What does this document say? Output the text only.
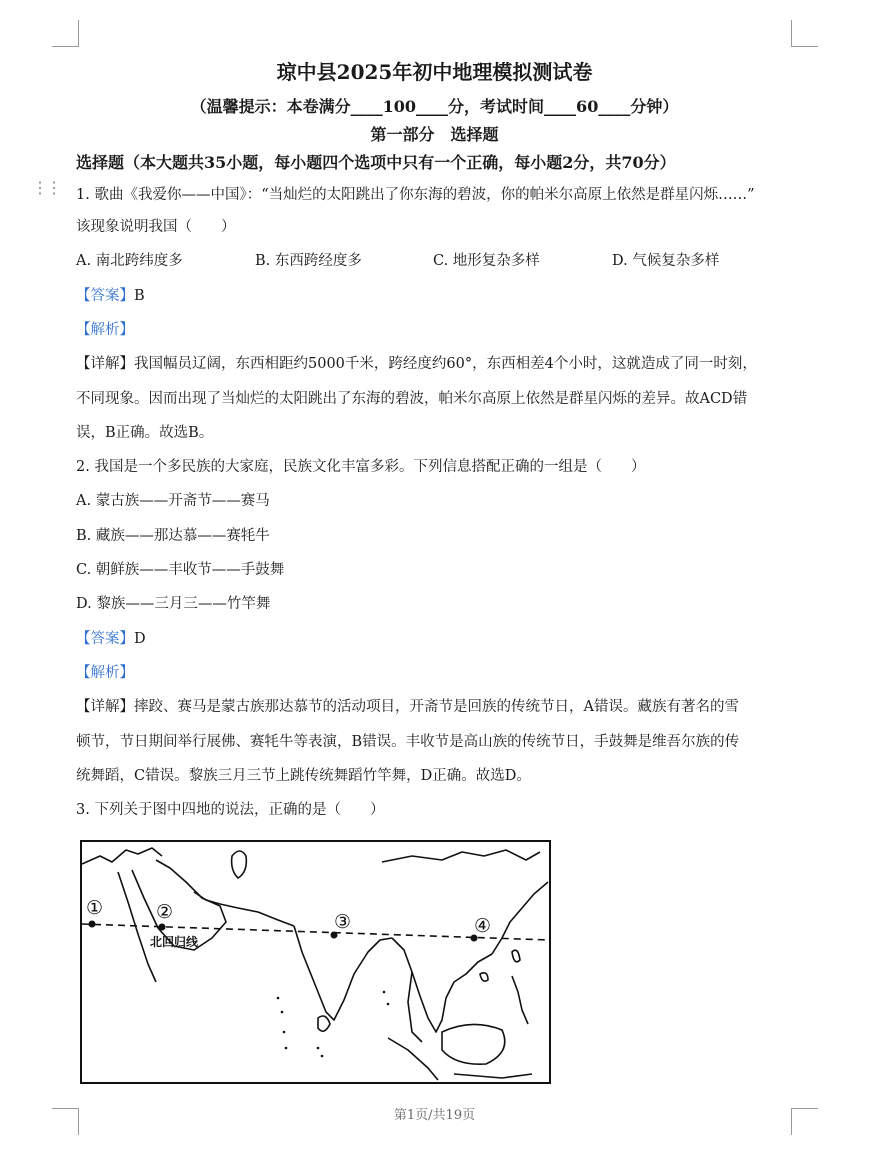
琼中县2025年初中地理模拟测试卷
（温馨提示：本卷满分____100____分，考试时间____60____分钟）
第一部分　选择题
选择题（本大题共35小题，每小题四个选项中只有一个正确，每小题2分，共70分）
⋮⋮ 1. 歌曲《我爱你——中国》：“当灿烂的太阳跳出了你东海的碧波，你的帕米尔高原上依然是群星闪烁……”
该现象说明我国（　　）
A. 南北跨纬度多	B. 东西跨经度多	C. 地形复杂多样	D. 气候复杂多样
【答案】B
【解析】
【详解】我国幅员辽阔，东西相距约5000千米，跨经度约60°，东西相差4个小时，这就造成了同一时刻，
不同现象。因而出现了当灿烂的太阳跳出了东海的碧波，帕米尔高原上依然是群星闪烁的差异。故ACD错
误，B正确。故选B。
2. 我国是一个多民族的大家庭，民族文化丰富多彩。下列信息搭配正确的一组是（　　）
A. 蒙古族——开斋节——赛马
B. 藏族——那达慕——赛牦牛
C. 朝鲜族——丰收节——手鼓舞
D. 黎族——三月三——竹竿舞
【答案】D
【解析】
【详解】摔跤、赛马是蒙古族那达慕节的活动项目，开斋节是回族的传统节日，A错误。藏族有著名的雪
顿节，节日期间举行展佛、赛牦牛等表演，B错误。丰收节是高山族的传统节日，手鼓舞是维吾尔族的传
统舞蹈，C错误。黎族三月三节上跳传统舞蹈竹竿舞，D正确。故选D。
3. 下列关于图中四地的说法，正确的是（　　）
①	②	③	④
北回归线
第1页/共19页
